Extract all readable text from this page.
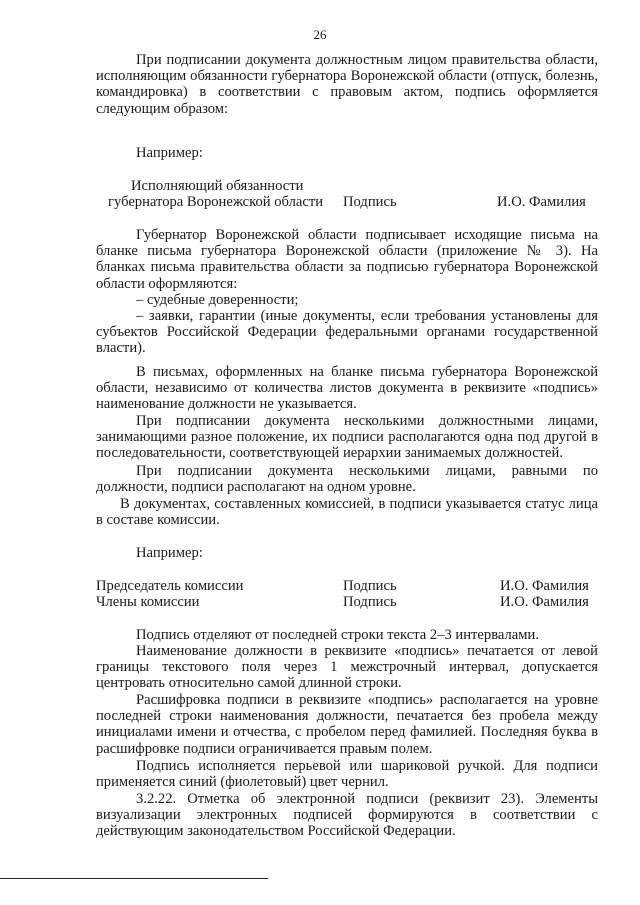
26
При подписании документа должностным лицом правительства области, исполняющим обязанности губернатора Воронежской области (отпуск, болезнь, командировка) в соответствии с правовым актом, подпись оформляется следующим образом:
Например:
Исполняющий обязанности
губернатора Воронежской области Подпись	И.О. Фамилия
Губернатор Воронежской области подписывает исходящие письма на бланке письма губернатора Воронежской области (приложение № 3). На бланках письма правительства области за подписью губернатора Воронежской области оформляются:
– судебные доверенности;
– заявки, гарантии (иные документы, если требования установлены для субъектов Российской Федерации федеральными органами государственной власти).
В письмах, оформленных на бланке письма губернатора Воронежской области, независимо от количества листов документа в реквизите «подпись» наименование должности не указывается.
При подписании документа несколькими должностными лицами, занимающими разное положение, их подписи располагаются одна под другой в последовательности, соответствующей иерархии занимаемых должностей.
При подписании документа несколькими лицами, равными по должности, подписи располагают на одном уровне.
В документах, составленных комиссией, в подписи указывается статус лица в составе комиссии.
Например:
Председатель комиссии	Подпись	И.О. Фамилия
Члены комиссии	Подпись	И.О. Фамилия
Подпись отделяют от последней строки текста 2–3 интервалами.
Наименование должности в реквизите «подпись» печатается от левой границы текстового поля через 1 межстрочный интервал, допускается центровать относительно самой длинной строки.
Расшифровка подписи в реквизите «подпись» располагается на уровне последней строки наименования должности, печатается без пробела между инициалами имени и отчества, с пробелом перед фамилией. Последняя буква в расшифровке подписи ограничивается правым полем.
Подпись исполняется перьевой или шариковой ручкой. Для подписи применяется синий (фиолетовый) цвет чернил.
3.2.22. Отметка об электронной подписи (реквизит 23). Элементы визуализации электронных подписей формируются в соответствии с действующим законодательством Российской Федерации.
